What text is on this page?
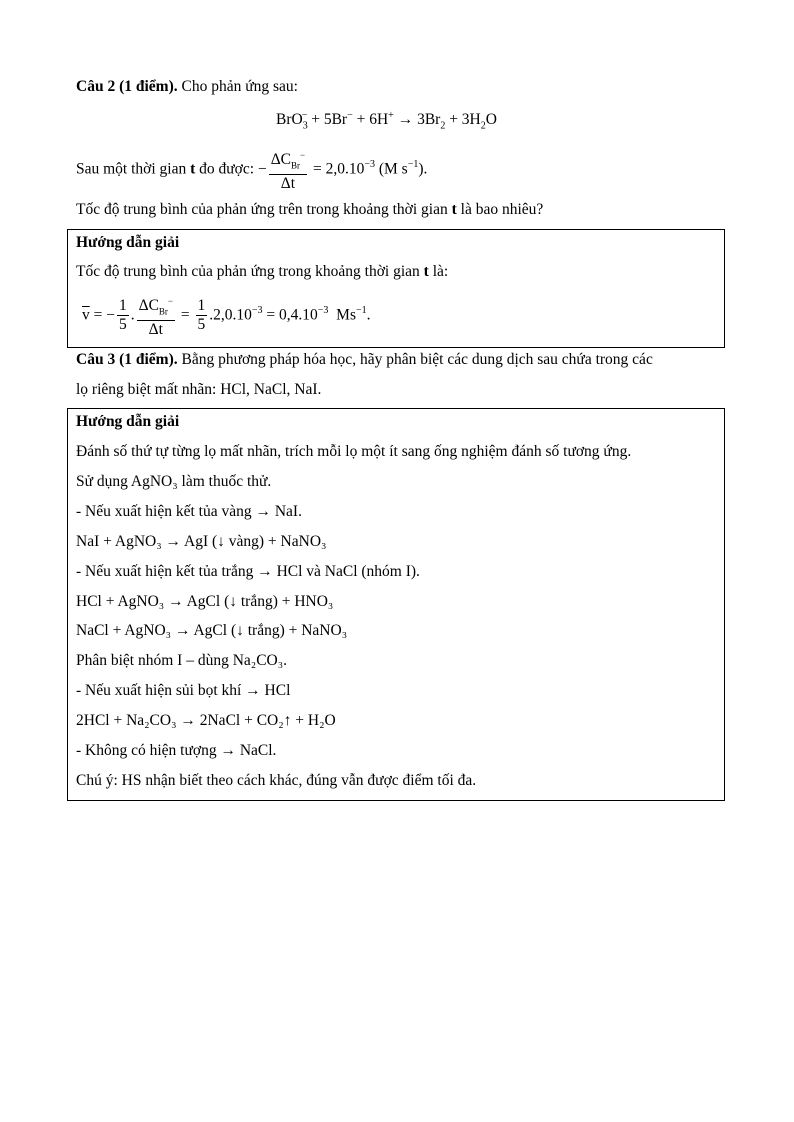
Câu 2 (1 điểm). Cho phản ứng sau:
$BrO_3^- + 5Br^- + 6H^+ \to 3Br_2 + 3H_2O$
Sau một thời gian t đo được: − $\frac{\Delta C_{Br}^-}{\Delta t} = 2,0.10^{-3}$ (M $s^{-1}$).
Tốc độ trung bình của phản ứng trên trong khoảng thời gian t là bao nhiêu?
Hướng dẫn giải
Tốc độ trung bình của phản ứng trong khoảng thời gian t là:
$\overline{v}$ = − $\frac{1}{5}$ . $\frac{\Delta C_{Br}^-}{\Delta t} = \frac{1}{5} .2,0.10^{-3} = 0,4.10^{-3}$  $Ms^{-1}$.
Câu 3 (1 điểm). Bằng phương pháp hóa học, hãy phân biệt các dung dịch sau chứa trong các
lọ riêng biệt mất nhãn: HCl, NaCl, NaI.
Hướng dẫn giải
Đánh số thứ tự từng lọ mất nhãn, trích mỗi lọ một ít sang ống nghiệm đánh số tương ứng.
Sử dụng AgNO₃ làm thuốc thử.
- Nếu xuất hiện kết tủa vàng → NaI.
NaI + AgNO₃ → AgI (↓ vàng) + NaNO₃
- Nếu xuất hiện kết tủa trắng → HCl và NaCl (nhóm I).
HCl + AgNO₃ → AgCl (↓ trắng) + HNO₃
NaCl + AgNO₃ → AgCl (↓ trắng) + NaNO₃
Phân biệt nhóm I – dùng Na₂CO₃.
- Nếu xuất hiện sủi bọt khí → HCl
2HCl + Na₂CO₃ → 2NaCl + CO₂↑ + H₂O
- Không có hiện tượng → NaCl.
Chú ý: HS nhận biết theo cách khác, đúng vẫn được điểm tối đa.
